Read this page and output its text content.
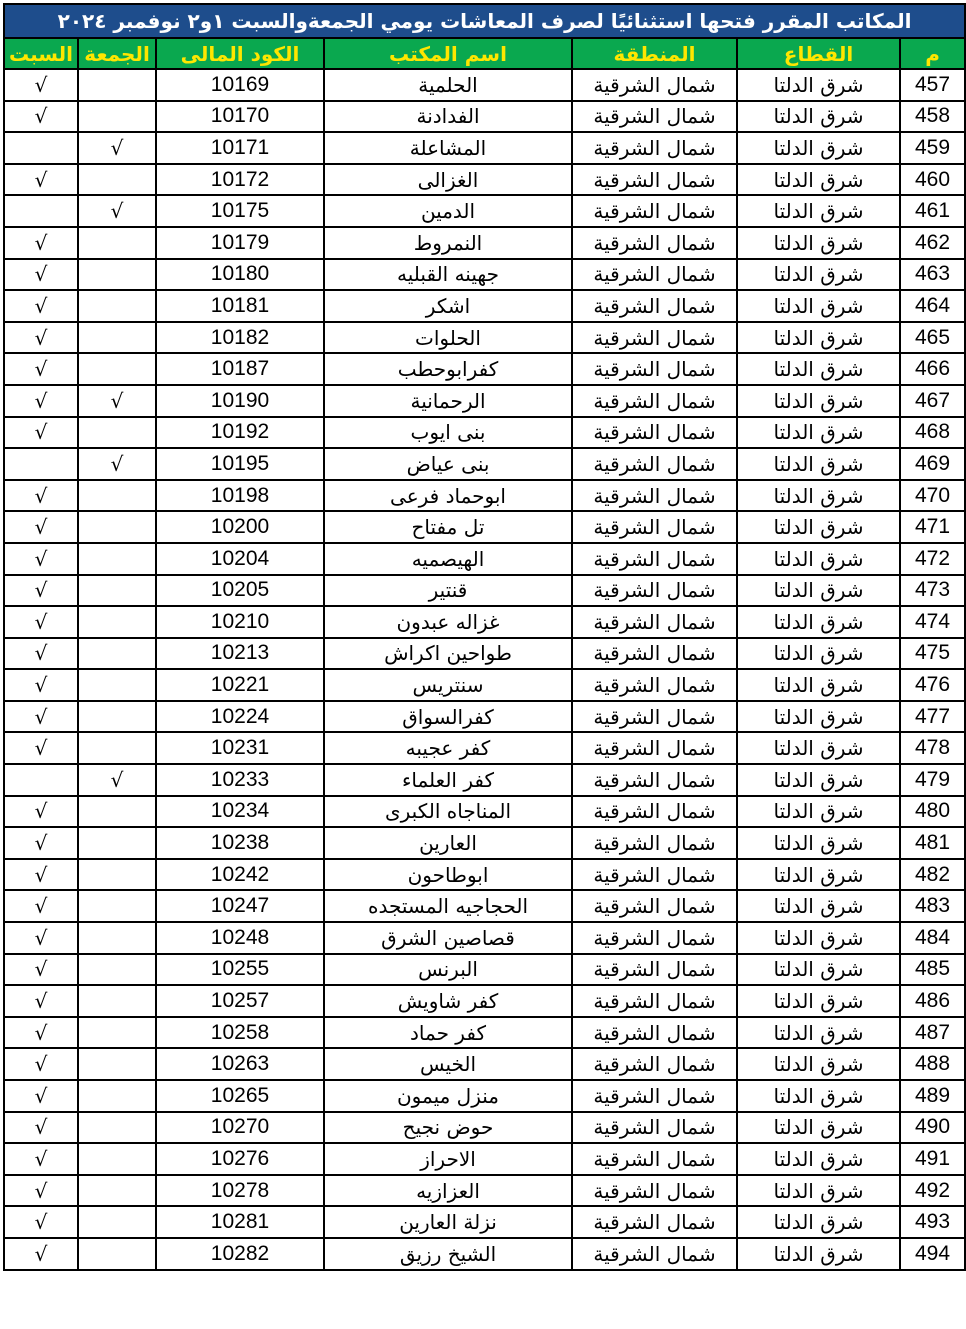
المكاتب المقرر فتحها استثنائيًا لصرف المعاشات يومي الجمعةوالسبت ١و٢ نوفمبر ٢٠٢٤						
السبت	الجمعة	الكود المالى	اسم المكتب	المنطقة	القطاع	م
√		10169	الحلمية	شمال الشرقية	شرق الدلتا	457
√		10170	الفدادنة	شمال الشرقية	شرق الدلتا	458
	√	10171	المشاعلة	شمال الشرقية	شرق الدلتا	459
√		10172	الغزالى	شمال الشرقية	شرق الدلتا	460
	√	10175	الدمين	شمال الشرقية	شرق الدلتا	461
√		10179	النمروط	شمال الشرقية	شرق الدلتا	462
√		10180	جهينه القبليه	شمال الشرقية	شرق الدلتا	463
√		10181	اشكر	شمال الشرقية	شرق الدلتا	464
√		10182	الحلوات	شمال الشرقية	شرق الدلتا	465
√		10187	كفرابوحطب	شمال الشرقية	شرق الدلتا	466
√	√	10190	الرحمانية	شمال الشرقية	شرق الدلتا	467
√		10192	بنى ايوب	شمال الشرقية	شرق الدلتا	468
	√	10195	بنى عياض	شمال الشرقية	شرق الدلتا	469
√		10198	ابوحماد فرعى	شمال الشرقية	شرق الدلتا	470
√		10200	تل مفتاح	شمال الشرقية	شرق الدلتا	471
√		10204	الهيصميه	شمال الشرقية	شرق الدلتا	472
√		10205	قنتير	شمال الشرقية	شرق الدلتا	473
√		10210	غزاله عبدون	شمال الشرقية	شرق الدلتا	474
√		10213	طواحين اكراش	شمال الشرقية	شرق الدلتا	475
√		10221	سنتريس	شمال الشرقية	شرق الدلتا	476
√		10224	كفرالسواق	شمال الشرقية	شرق الدلتا	477
√		10231	كفر عجيبه	شمال الشرقية	شرق الدلتا	478
	√	10233	كفر العلماء	شمال الشرقية	شرق الدلتا	479
√		10234	المناجاه الكبرى	شمال الشرقية	شرق الدلتا	480
√		10238	العارين	شمال الشرقية	شرق الدلتا	481
√		10242	ابوطاحون	شمال الشرقية	شرق الدلتا	482
√		10247	الحجاجيه المستجده	شمال الشرقية	شرق الدلتا	483
√		10248	قصاصين الشرق	شمال الشرقية	شرق الدلتا	484
√		10255	البرنس	شمال الشرقية	شرق الدلتا	485
√		10257	كفر شاويش	شمال الشرقية	شرق الدلتا	486
√		10258	كفر حماد	شمال الشرقية	شرق الدلتا	487
√		10263	الخيس	شمال الشرقية	شرق الدلتا	488
√		10265	منزل ميمون	شمال الشرقية	شرق الدلتا	489
√		10270	حوض نجيح	شمال الشرقية	شرق الدلتا	490
√		10276	الاحراز	شمال الشرقية	شرق الدلتا	491
√		10278	العزازيه	شمال الشرقية	شرق الدلتا	492
√		10281	نزلة العارين	شمال الشرقية	شرق الدلتا	493
√		10282	الشيخ رزيق	شمال الشرقية	شرق الدلتا	494
